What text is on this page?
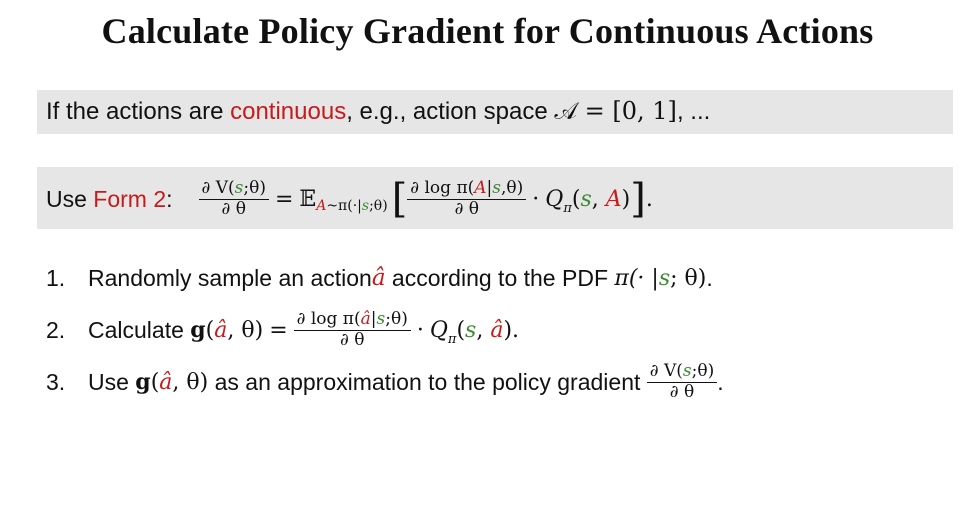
Calculate Policy Gradient for Continuous Actions
If the actions are continuous, e.g., action space 𝒜 = [0, 1], ...
Use Form 2: $\frac{\partial V(s;\theta)}{\partial \theta}$ = 𝔼 A~π(·|s;θ) [ $\frac{\text{∂ log π(A|s,θ)}}{\partial \theta} \cdot Q_\pi(s$, A) ] .
1. Randomly sample an action â according to the PDF π(· |s; θ) .
2. Calculate g(â, $\theta) = \frac{\text{∂ log π(â|s;θ)}}{\partial \theta} \cdot Q_\pi(s$, â) .
3. Use g(â, θ) as an approximation to the policy gradient $\frac{\partial V(s;\theta)}{\partial \theta}$ .
